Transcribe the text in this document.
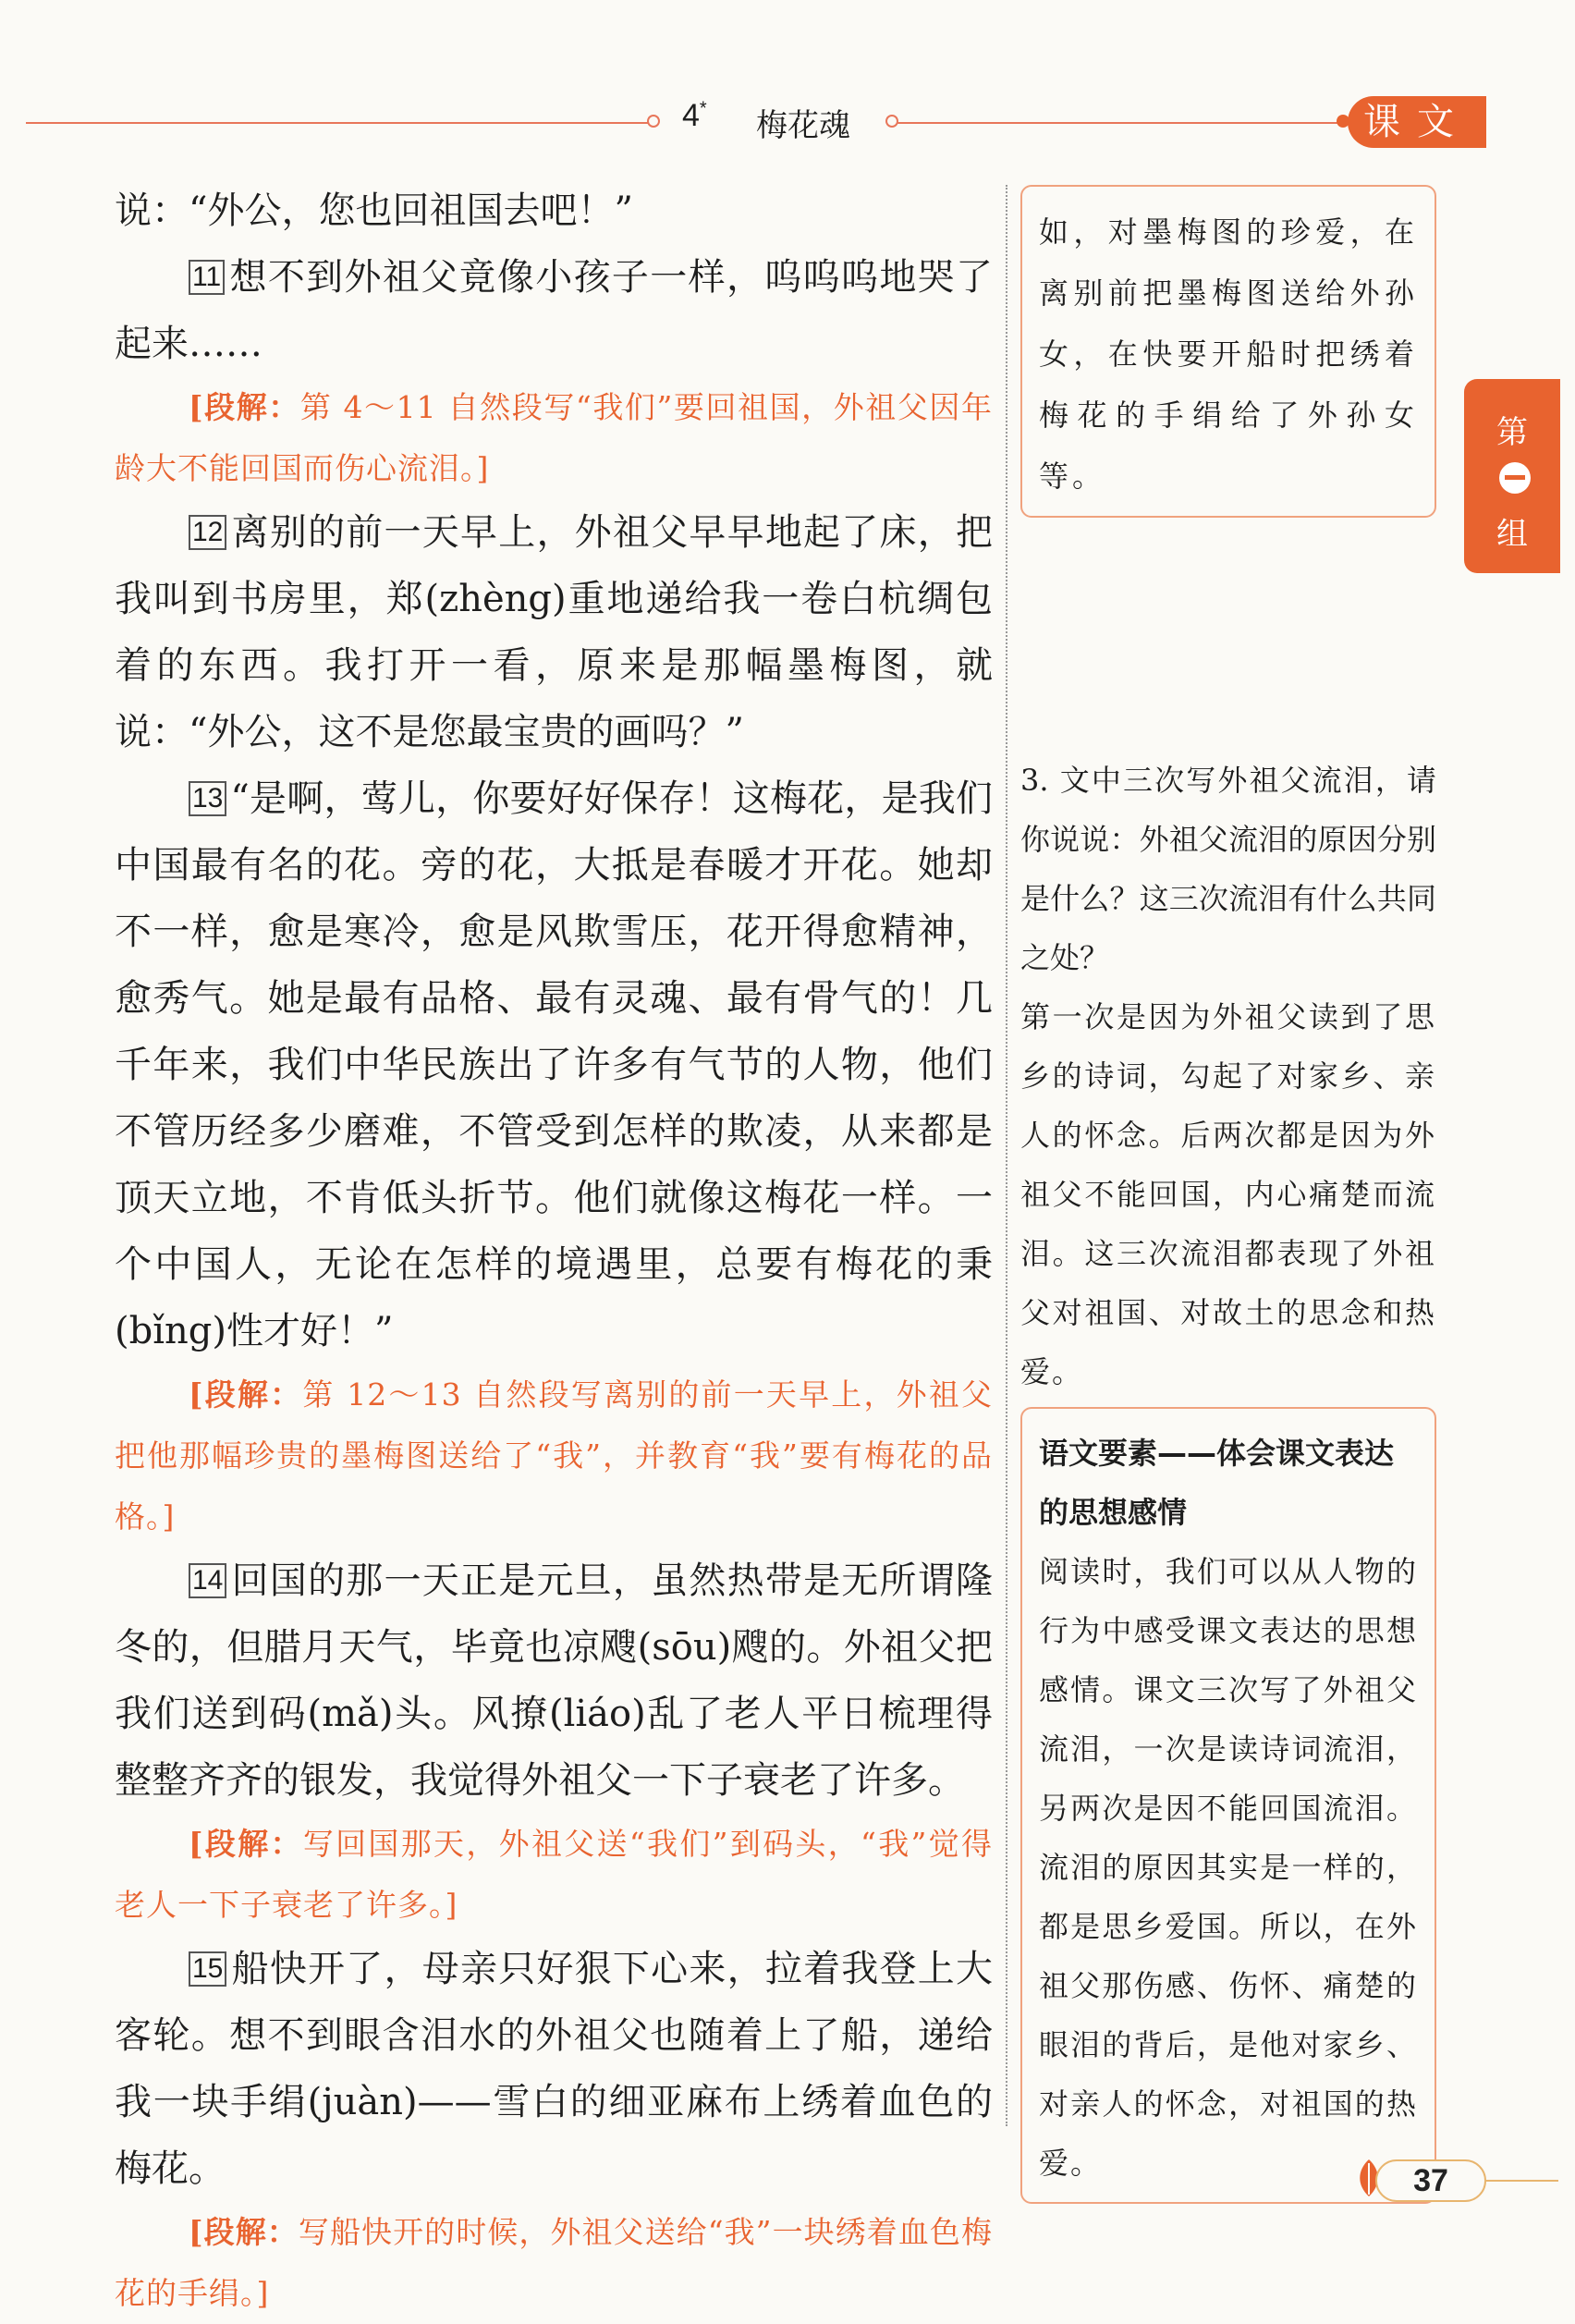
4* 梅花魂	课文
第
组

说：“外公，您也回祖国去吧！”

11 想不到外祖父竟像小孩子一样，呜呜呜地哭了起来……

[段解：第 4～11 自然段写“我们”要回祖国，外祖父因年龄大不能回国而伤心流泪。]

12 离别的前一天早上，外祖父早早地起了床，把我叫到书房里，郑(zhèng)重地递给我一卷白杭绸包着的东西。我打开一看，原来是那幅墨梅图，就说：“外公，这不是您最宝贵的画吗？”

13 “是啊，莺儿，你要好好保存！这梅花，是我们中国最有名的花。旁的花，大抵是春暖才开花。她却不一样，愈是寒冷，愈是风欺雪压，花开得愈精神，愈秀气。她是最有品格、最有灵魂、最有骨气的！几千年来，我们中华民族出了许多有气节的人物，他们不管历经多少磨难，不管受到怎样的欺凌，从来都是顶天立地，不肯低头折节。他们就像这梅花一样。一个中国人，无论在怎样的境遇里，总要有梅花的秉(bǐng)性才好！”

[段解：第 12～13 自然段写离别的前一天早上，外祖父把他那幅珍贵的墨梅图送给了“我”，并教育“我”要有梅花的品格。]

14 回国的那一天正是元旦，虽然热带是无所谓隆冬的，但腊月天气，毕竟也凉飕(sōu)飕的。外祖父把我们送到码(mǎ)头。风撩(liáo)乱了老人平日梳理得整整齐齐的银发，我觉得外祖父一下子衰老了许多。

[段解：写回国那天，外祖父送“我们”到码头，“我”觉得老人一下子衰老了许多。]

15 船快开了，母亲只好狠下心来，拉着我登上大客轮。想不到眼含泪水的外祖父也随着上了船，递给我一块手绢(juàn)——雪白的细亚麻布上绣着血色的梅花。

[段解：写船快开的时候，外祖父送给“我”一块绣着血色梅花的手绢。]

如，对墨梅图的珍爱，在离别前把墨梅图送给外孙女，在快要开船时把绣着梅花的手绢给了外孙女等。

3. 文中三次写外祖父流泪，请你说说：外祖父流泪的原因分别是什么？这三次流泪有什么共同之处？

第一次是因为外祖父读到了思乡的诗词，勾起了对家乡、亲人的怀念。后两次都是因为外祖父不能回国，内心痛楚而流泪。这三次流泪都表现了外祖父对祖国、对故土的思念和热爱。

语文要素——体会课文表达的思想感情

阅读时，我们可以从人物的行为中感受课文表达的思想感情。课文三次写了外祖父流泪，一次是读诗词流泪，另两次是因不能回国流泪。流泪的原因其实是一样的，都是思乡爱国。所以，在外祖父那伤感、伤怀、痛楚的眼泪的背后，是他对家乡、对亲人的怀念，对祖国的热爱。	37
